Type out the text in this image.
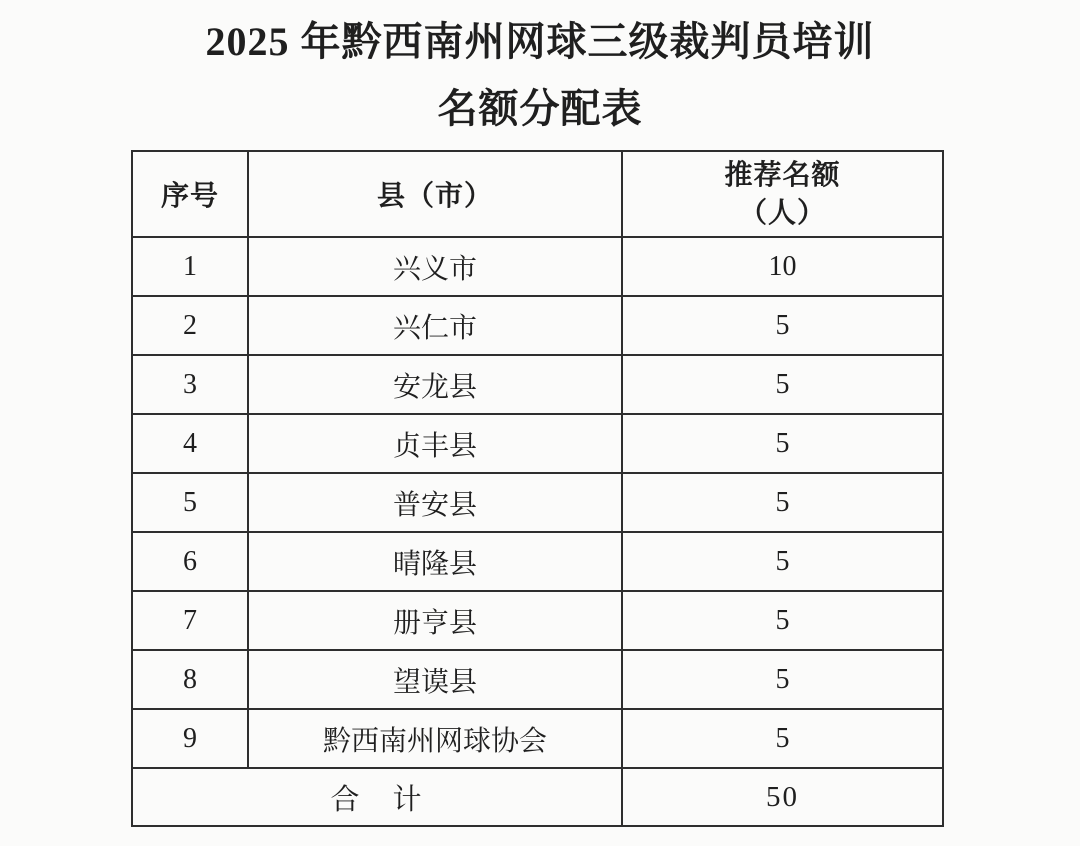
2025 年黔西南州网球三级裁判员培训
名额分配表
序号	县（市）	推荐名额
（人）

1	兴义市	10
2	兴仁市	5
3	安龙县	5
4	贞丰县	5
5	普安县	5
6	晴隆县	5
7	册亨县	5
8	望谟县	5
9	黔西南州网球协会	5
合　计		50
